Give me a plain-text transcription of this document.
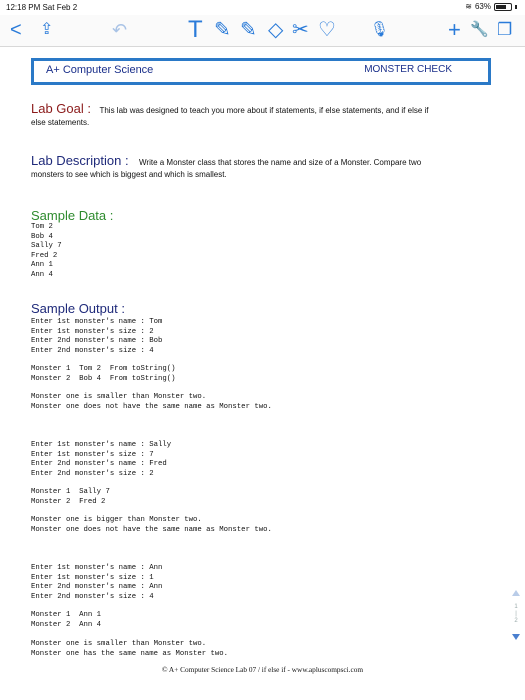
12:18 PM Sat Feb 2	≋ 63%
< ⇪	↶	T ✎ ✎ ◇ ✂ ♡ 🎙	+ 🔧 ❐
A+ Computer Science	MONSTER CHECK
Lab Goal : This lab was designed to teach you more about if statements, if else statements, and if else if
else statements.
Lab Description : Write a Monster class that stores the name and size of a Monster. Compare two
monsters to see which is biggest and which is smallest.
Sample Data :
Tom 2
Bob 4
Sally 7
Fred 2
Ann 1
Ann 4
Sample Output :
Enter 1st monster's name : Tom
Enter 1st monster's size : 2
Enter 2nd monster's name : Bob
Enter 2nd monster's size : 4
Monster 1  Tom 2  From toString()
Monster 2  Bob 4  From toString()
Monster one is smaller than Monster two.
Monster one does not have the same name as Monster two.
Enter 1st monster's name : Sally
Enter 1st monster's size : 7
Enter 2nd monster's name : Fred
Enter 2nd monster's size : 2
Monster 1  Sally 7
Monster 2  Fred 2
Monster one is bigger than Monster two.
Monster one does not have the same name as Monster two.
Enter 1st monster's name : Ann
Enter 1st monster's size : 1
Enter 2nd monster's name : Ann
Enter 2nd monster's size : 4
Monster 1  Ann 1
Monster 2  Ann 4
Monster one is smaller than Monster two.
Monster one has the same name as Monster two.
© A+ Computer Science Lab 07 / if else if - www.apluscompsci.com
1
|
2
